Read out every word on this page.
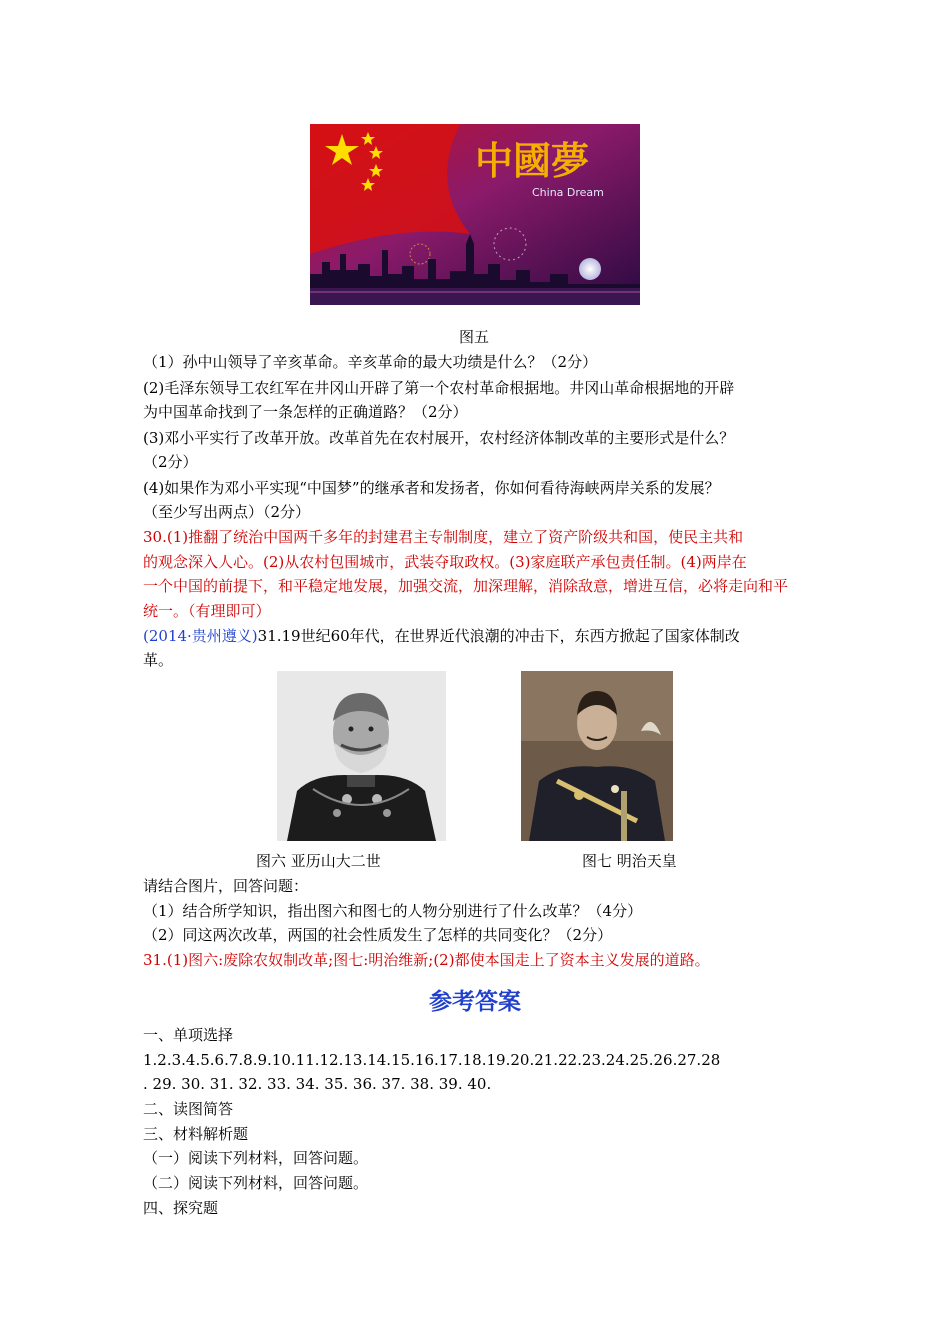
中國夢
China Dream
图五
（1）孙中山领导了辛亥革命。辛亥革命的最大功绩是什么？（2分）
(2)毛泽东领导工农红军在井冈山开辟了第一个农村革命根据地。井冈山革命根据地的开辟
为中国革命找到了一条怎样的正确道路？（2分）
(3)邓小平实行了改革开放。改革首先在农村展开，农村经济体制改革的主要形式是什么？
（2分）
(4)如果作为邓小平实现“中国梦”的继承者和发扬者，你如何看待海峡两岸关系的发展？
（至少写出两点）（2分）
30.(1)推翻了统治中国两千多年的封建君主专制制度，建立了资产阶级共和国，使民主共和
的观念深入人心。(2)从农村包围城市，武装夺取政权。(3)家庭联产承包责任制。(4)两岸在
一个中国的前提下，和平稳定地发展，加强交流，加深理解，消除敌意，增进互信，必将走向和平
统一。（有理即可）
(2014·贵州遵义)31.19世纪60年代，在世界近代浪潮的冲击下，东西方掀起了国家体制改
革。
图六 亚历山大二世	图七 明治天皇
请结合图片，回答问题：
（1）结合所学知识，指出图六和图七的人物分别进行了什么改革？（4分）
（2）同这两次改革，两国的社会性质发生了怎样的共同变化？（2分）
31.(1)图六:废除农奴制改革;图七:明治维新;(2)都使本国走上了资本主义发展的道路。
参考答案
一、单项选择
1.2.3.4.5.6.7.8.9.10.11.12.13.14.15.16.17.18.19.20.21.22.23.24.25.26.27.28
. 29. 30. 31. 32. 33. 34. 35. 36. 37. 38. 39. 40.
二、读图简答
三、材料解析题
（一）阅读下列材料，回答问题。
（二）阅读下列材料，回答问题。
四、探究题
